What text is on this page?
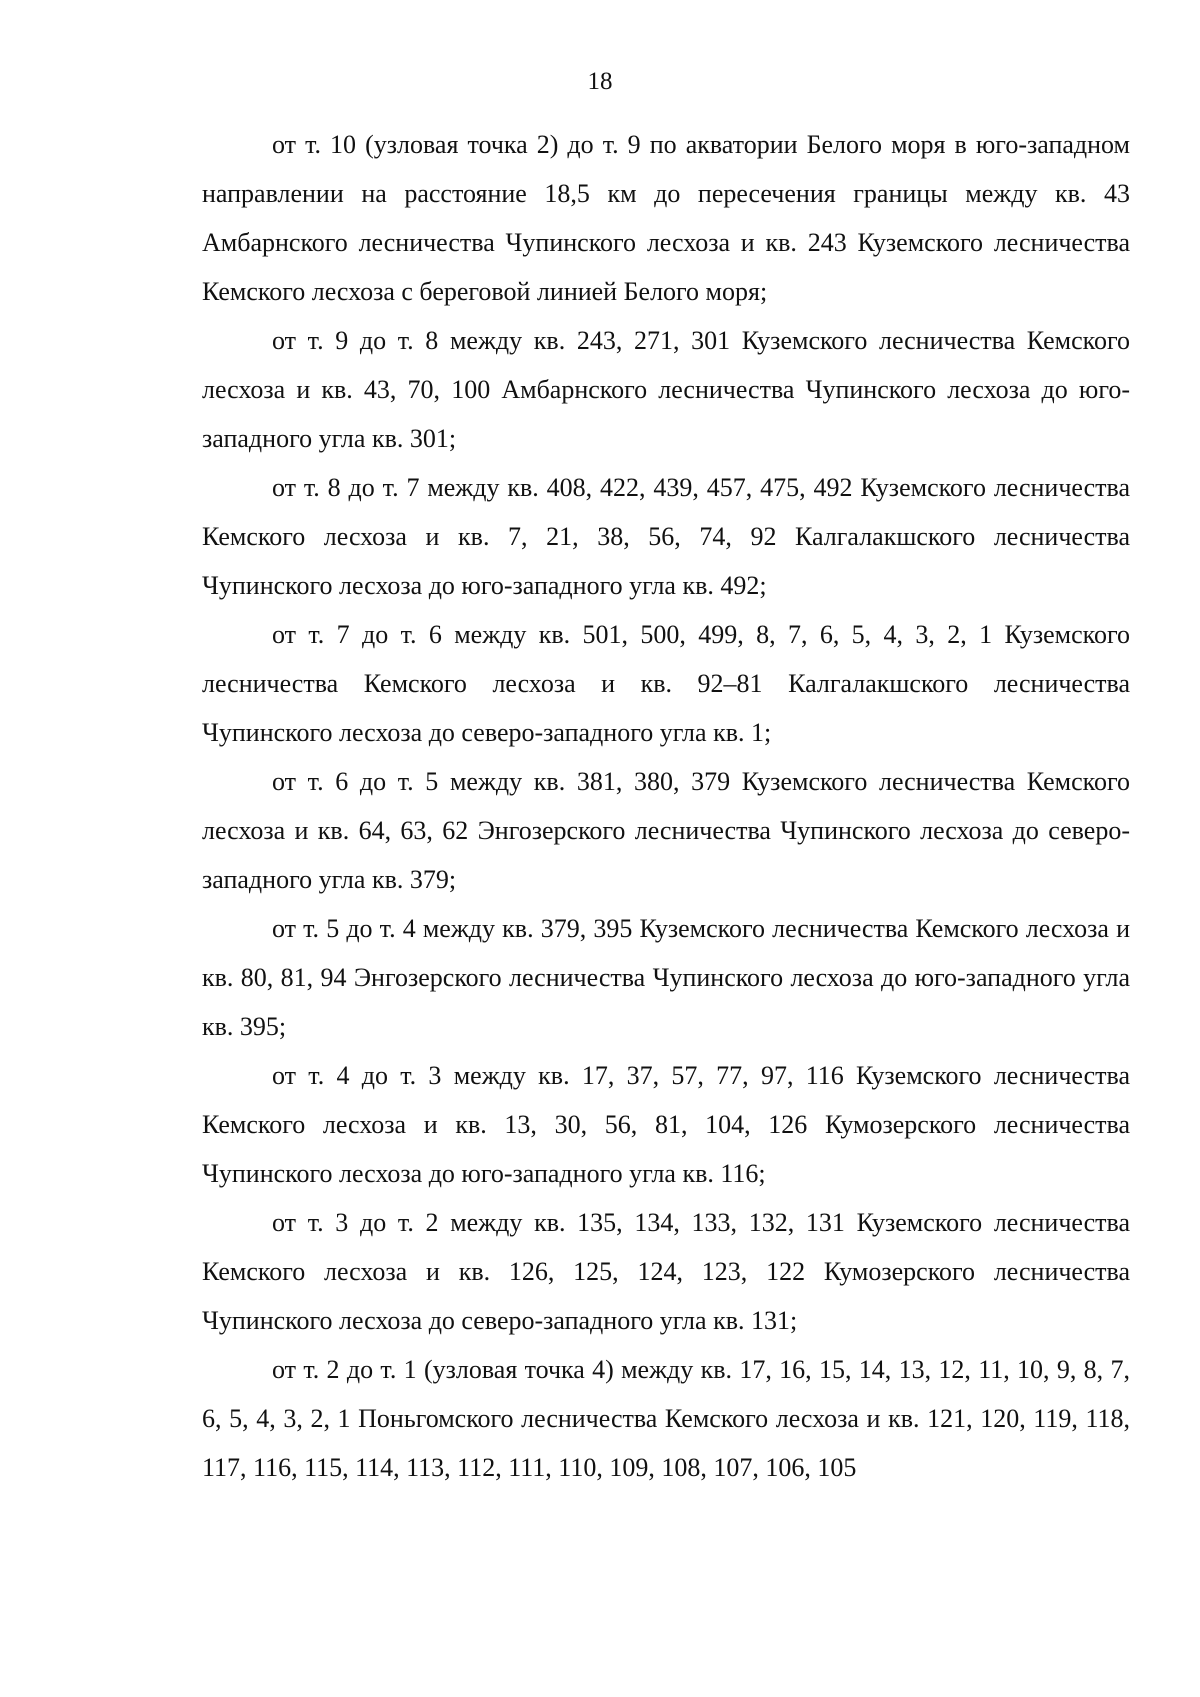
18

от т. 10 (узловая точка 2) до т. 9 по акватории Белого моря в юго-западном направлении на расстояние 18,5 км до пересечения границы между кв. 43 Амбарнского лесничества Чупинского лесхоза и кв. 243 Куземского лесничества Кемского лесхоза с береговой линией Белого моря;

от т. 9 до т. 8 между кв. 243, 271, 301 Куземского лесничества Кемского лесхоза и кв. 43, 70, 100 Амбарнского лесничества Чупинского лесхоза до юго-западного угла кв. 301;

от т. 8 до т. 7 между кв. 408, 422, 439, 457, 475, 492 Куземского лесничества Кемского лесхоза и кв. 7, 21, 38, 56, 74, 92 Калгалакшского лесничества Чупинского лесхоза до юго-западного угла кв. 492;

от т. 7 до т. 6 между кв. 501, 500, 499, 8, 7, 6, 5, 4, 3, 2, 1 Куземского лесничества Кемского лесхоза и кв. 92–81 Калгалакшского лесничества Чупинского лесхоза до северо-западного угла кв. 1;

от т. 6 до т. 5 между кв. 381, 380, 379 Куземского лесничества Кемского лесхоза и кв. 64, 63, 62 Энгозерского лесничества Чупинского лесхоза до северо-западного угла кв. 379;

от т. 5 до т. 4 между кв. 379, 395 Куземского лесничества Кемского лесхоза и кв. 80, 81, 94 Энгозерского лесничества Чупинского лесхоза до юго-западного угла кв. 395;

от т. 4 до т. 3 между кв. 17, 37, 57, 77, 97, 116 Куземского лесничества Кемского лесхоза и кв. 13, 30, 56, 81, 104, 126 Кумозерского лесничества Чупинского лесхоза до юго-западного угла кв. 116;

от т. 3 до т. 2 между кв. 135, 134, 133, 132, 131 Куземского лесничества Кемского лесхоза и кв. 126, 125, 124, 123, 122 Кумозерского лесничества Чупинского лесхоза до северо-западного угла кв. 131;

от т. 2 до т. 1 (узловая точка 4) между кв. 17, 16, 15, 14, 13, 12, 11, 10, 9, 8, 7, 6, 5, 4, 3, 2, 1 Поньгомского лесничества Кемского лесхоза и кв. 121, 120, 119, 118, 117, 116, 115, 114, 113, 112, 111, 110, 109, 108, 107, 106, 105
